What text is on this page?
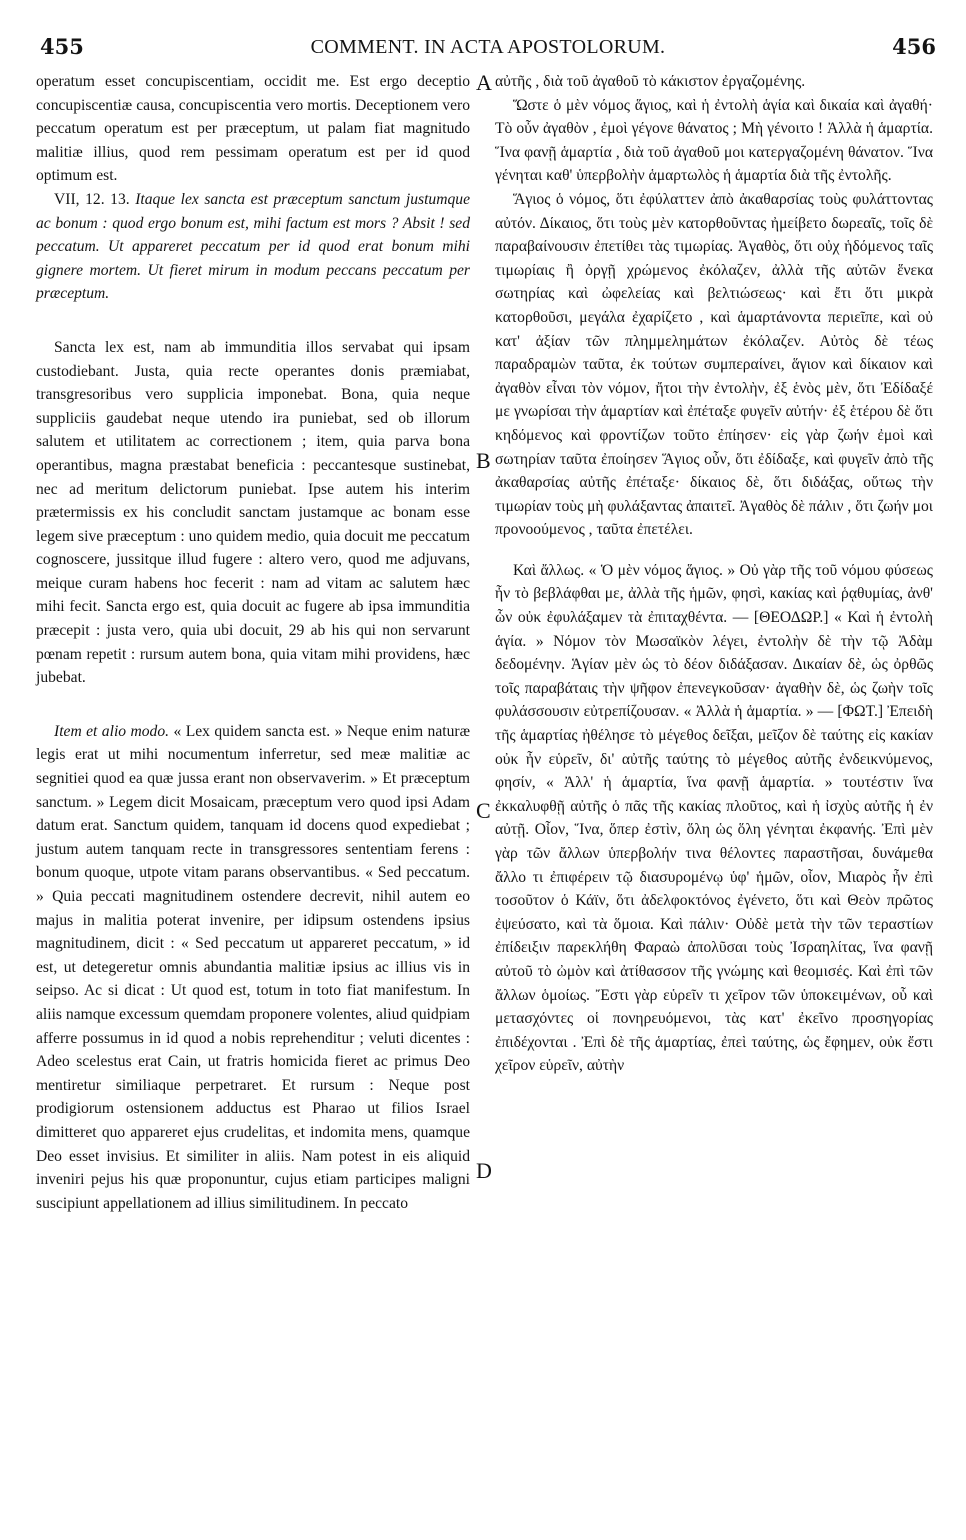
455	COMMENT. IN ACTA APOSTOLORUM.	456

operatum esset concupiscentiam, occidit me. Est ergo deceptio concupiscentiæ causa, concupiscentia vero mortis. Deceptionem vero peccatum operatum est per præceptum, ut palam fiat magnitudo malitiæ illius, quod rem pessimam operatum est per id quod optimum est.

VII, 12. 13. Itaque lex sancta est præceptum sanctum justumque ac bonum : quod ergo bonum est, mihi factum est mors ? Absit ! sed peccatum. Ut appareret peccatum per id quod erat bonum mihi gignere mortem. Ut fieret mirum in modum peccans peccatum per præceptum.

Sancta lex est, nam ab immunditia illos servabat qui ipsam custodiebant. Justa, quia recte operantes donis præmiabat, transgresoribus vero supplicia imponebat. Bona, quia neque suppliciis gaudebat neque utendo ira puniebat, sed ob illorum salutem et utilitatem ac correctionem ; item, quia parva bona operantibus, magna præstabat beneficia : peccantesque sustinebat, nec ad meritum delictorum puniebat. Ipse autem his interim prætermissis ex his concludit sanctam justamque ac bonam esse legem sive præceptum : uno quidem medio, quia docuit me peccatum cognoscere, jussitque illud fugere : altero vero, quod me adjuvans, meique curam habens hoc fecerit : nam ad vitam ac salutem hæc mihi fecit. Sancta ergo est, quia docuit ac fugere ab ipsa immunditia præcepit : justa vero, quia ubi docuit, 29 ab his qui non servarunt pœnam repetit : rursum autem bona, quia vitam mihi providens, hæc jubebat.

Item et alio modo. « Lex quidem sancta est. » Neque enim naturæ legis erat ut mihi nocumentum inferretur, sed meæ malitiæ ac segnitiei quod ea quæ jussa erant non observaverim. » Et præceptum sanctum. » Legem dicit Mosaicam, præceptum vero quod ipsi Adam datum erat. Sanctum quidem, tanquam id docens quod expediebat ; justum autem tanquam recte in transgressores sententiam ferens : bonum quoque, utpote vitam parans observantibus. « Sed peccatum. » Quia peccati magnitudinem ostendere decrevit, nihil autem eo majus in malitia poterat invenire, per idipsum ostendens ipsius magnitudinem, dicit : « Sed peccatum ut appareret peccatum, » id est, ut detegeretur omnis abundantia malitiæ ipsius ac illius vis in seipso. Ac si dicat : Ut quod est, totum in toto fiat manifestum. In aliis namque excessum quemdam proponere volentes, aliud quidpiam afferre possumus in id quod a nobis reprehenditur ; veluti dicentes : Adeo scelestus erat Cain, ut fratris homicida fieret ac primus Deo mentiretur similiaque perpetraret. Et rursum : Neque post prodigiorum ostensionem adductus est Pharao ut filios Israel dimitteret quo appareret ejus crudelitas, et indomita mens, quamque Deo esset invisius. Et similiter in aliis. Nam potest in eis aliquid inveniri pejus his quæ proponuntur, cujus etiam participes maligni suscipiunt appellationem ad illius similitudinem. In peccato

αὐτῆς , διὰ τοῦ ἀγαθοῦ τὸ κάκιστον ἐργαζομένης.

Ὥστε ὁ μὲν νόμος ἅγιος, καὶ ἡ ἐντολὴ ἁγία καὶ δικαία καὶ ἀγαθή· Τὸ οὖν ἀγαθὸν , ἐμοὶ γέγονε θάνατος ; Μὴ γένοιτο ! Ἀλλὰ ἡ ἁμαρτία. Ἵνα φανῇ ἁμαρτία , διὰ τοῦ ἀγαθοῦ μοι κατεργαζομένη θάνατον. Ἵνα γένηται καθ' ὑπερβολὴν ἁμαρτωλὸς ἡ ἁμαρτία διὰ τῆς ἐντολῆς.

Ἅγιος ὁ νόμος, ὅτι ἐφύλαττεν ἀπὸ ἀκαθαρσίας τοὺς φυλάττοντας αὐτόν. Δίκαιος, ὅτι τοὺς μὲν κατορθοῦντας ἠμείβετο δωρεαῖς, τοῖς δὲ παραβαίνουσιν ἐπετίθει τὰς τιμωρίας. Ἀγαθὸς, ὅτι οὐχ ἡδόμενος ταῖς τιμωρίαις ἢ ὀργῇ χρώμενος ἐκόλαζεν, ἀλλὰ τῆς αὐτῶν ἕνεκα σωτηρίας καὶ ὠφελείας καὶ βελτιώσεως· καὶ ἔτι ὅτι μικρὰ κατορθοῦσι, μεγάλα ἐχαρίζετο , καὶ ἁμαρτάνοντα περιεῖπε, καὶ οὐ κατ' ἀξίαν τῶν πλημμελημάτων ἐκόλαζεν. Αὐτὸς δὲ τέως παραδραμὼν ταῦτα, ἐκ τούτων συμπεραίνει, ἅγιον καὶ δίκαιον καὶ ἀγαθὸν εἶναι τὸν νόμον, ἤτοι τὴν ἐντολὴν, ἐξ ἑνὸς μὲν, ὅτι Ἐδίδαξέ με γνωρίσαι τὴν ἁμαρτίαν καὶ ἐπέταξε φυγεῖν αὐτήν· ἐξ ἑτέρου δὲ ὅτι κηδόμενος καὶ φροντίζων τοῦτο ἐπίησεν· εἰς γὰρ ζωήν ἐμοὶ καὶ σωτηρίαν ταῦτα ἐποίησεν Ἅγιος οὖν, ὅτι ἐδίδαξε, καὶ φυγεῖν ἀπὸ τῆς ἀκαθαρσίας αὐτῆς ἐπέταξε· δίκαιος δὲ, ὅτι διδάξας, οὕτως τὴν τιμωρίαν τοὺς μὴ φυλάξαντας ἀπαιτεῖ. Ἀγαθὸς δὲ πάλιν , ὅτι ζωήν μοι προνοούμενος , ταῦτα ἐπετέλει.

Καὶ ἄλλως. « Ὁ μὲν νόμος ἅγιος. » Οὐ γὰρ τῆς τοῦ νόμου φύσεως ἦν τὸ βεβλάφθαι με, ἀλλὰ τῆς ἡμῶν, φησὶ, κακίας καὶ ῥᾳθυμίας, ἀνθ' ὧν οὐκ ἐφυλάξαμεν τὰ ἐπιταχθέντα. — [ΘΕΟΔΩΡ.] « Καὶ ἡ ἐντολὴ ἁγία. » Νόμον τὸν Μωσαϊκὸν λέγει, ἐντολὴν δὲ τὴν τῷ Ἀδὰμ δεδομένην. Ἁγίαν μὲν ὡς τὸ δέον διδάξασαν. Δικαίαν δὲ, ὡς ὀρθῶς τοῖς παραβάταις τὴν ψῆφον ἐπενεγκοῦσαν· ἀγαθὴν δὲ, ὡς ζωὴν τοῖς φυλάσσουσιν εὐτρεπίζουσαν. « Ἀλλὰ ἡ ἁμαρτία. » — [ΦΩΤ.] Ἐπειδὴ τῆς ἁμαρτίας ἠθέλησε τὸ μέγεθος δεῖξαι, μεῖζον δὲ ταύτης εἰς κακίαν οὐκ ἦν εὑρεῖν, δι' αὐτῆς ταύτης τὸ μέγεθος αὐτῆς ἐνδεικνύμενος, φησίν, « Ἀλλ' ἡ ἁμαρτία, ἵνα φανῇ ἁμαρτία. » τουτέστιν ἵνα ἐκκαλυφθῇ αὐτῆς ὁ πᾶς τῆς κακίας πλοῦτος, καὶ ἡ ἰσχὺς αὐτῆς ἡ ἐν αὐτῇ. Οἷον, Ἵνα, ὅπερ ἐστὶν, ὅλη ὡς ὅλη γένηται ἐκφανής. Ἐπὶ μὲν γὰρ τῶν ἄλλων ὑπερβολήν τινα θέλοντες παραστῆσαι, δυνάμεθα ἄλλο τι ἐπιφέρειν τῷ διασυρομένῳ ὑφ' ἡμῶν, οἷον, Μιαρὸς ἦν ἐπὶ τοσοῦτον ὁ Κάϊν, ὅτι ἀδελφοκτόνος ἐγένετο, ὅτι καὶ Θεὸν πρῶτος ἐψεύσατο, καὶ τὰ ὅμοια. Καὶ πάλιν· Οὐδὲ μετὰ τὴν τῶν τεραστίων ἐπίδειξιν παρεκλήθη Φαραὼ ἀπολῦσαι τοὺς Ἰσραηλίτας, ἵνα φανῇ αὐτοῦ τὸ ὠμὸν καὶ ἀτίθασσον τῆς γνώμης καὶ θεομισές. Καὶ ἐπὶ τῶν ἄλλων ὁμοίως. Ἔστι γὰρ εὑρεῖν τι χεῖρον τῶν ὑποκειμένων, οὗ καὶ μετασχόντες οἱ πονηρευόμενοι, τὰς κατ' ἐκεῖνο προσηγορίας ἐπιδέχονται . Ἐπὶ δὲ τῆς ἁμαρτίας, ἐπεὶ ταύτης, ὡς ἔφημεν, οὐκ ἔστι χεῖρον εὑρεῖν, αὐτὴν

A
B
C
D
